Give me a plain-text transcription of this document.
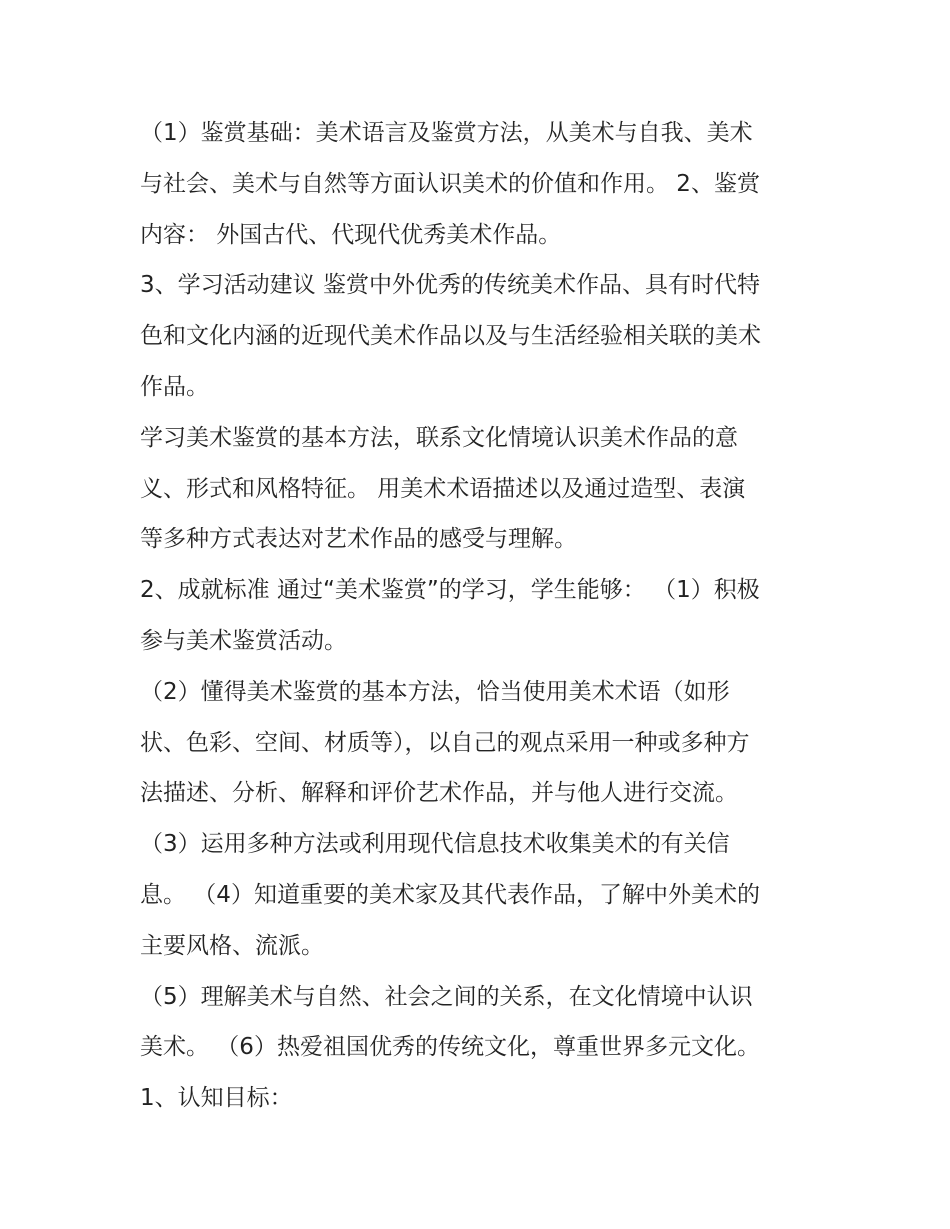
（1）鉴赏基础：美术语言及鉴赏方法，从美术与自我、美术
与社会、美术与自然等方面认识美术的价值和作用。 2、鉴赏
内容： 外国古代、代现代优秀美术作品。
3、学习活动建议 鉴赏中外优秀的传统美术作品、具有时代特
色和文化内涵的近现代美术作品以及与生活经验相关联的美术
作品。
学习美术鉴赏的基本方法，联系文化情境认识美术作品的意
义、形式和风格特征。 用美术术语描述以及通过造型、表演
等多种方式表达对艺术作品的感受与理解。
2、成就标准 通过“美术鉴赏”的学习，学生能够： （1）积极
参与美术鉴赏活动。
（2）懂得美术鉴赏的基本方法，恰当使用美术术语（如形
状、色彩、空间、材质等），以自己的观点采用一种或多种方
法描述、分析、解释和评价艺术作品，并与他人进行交流。
（3）运用多种方法或利用现代信息技术收集美术的有关信
息。 （4）知道重要的美术家及其代表作品，了解中外美术的
主要风格、流派。
（5）理解美术与自然、社会之间的关系，在文化情境中认识
美术。 （6）热爱祖国优秀的传统文化，尊重世界多元文化。
1、认知目标：
